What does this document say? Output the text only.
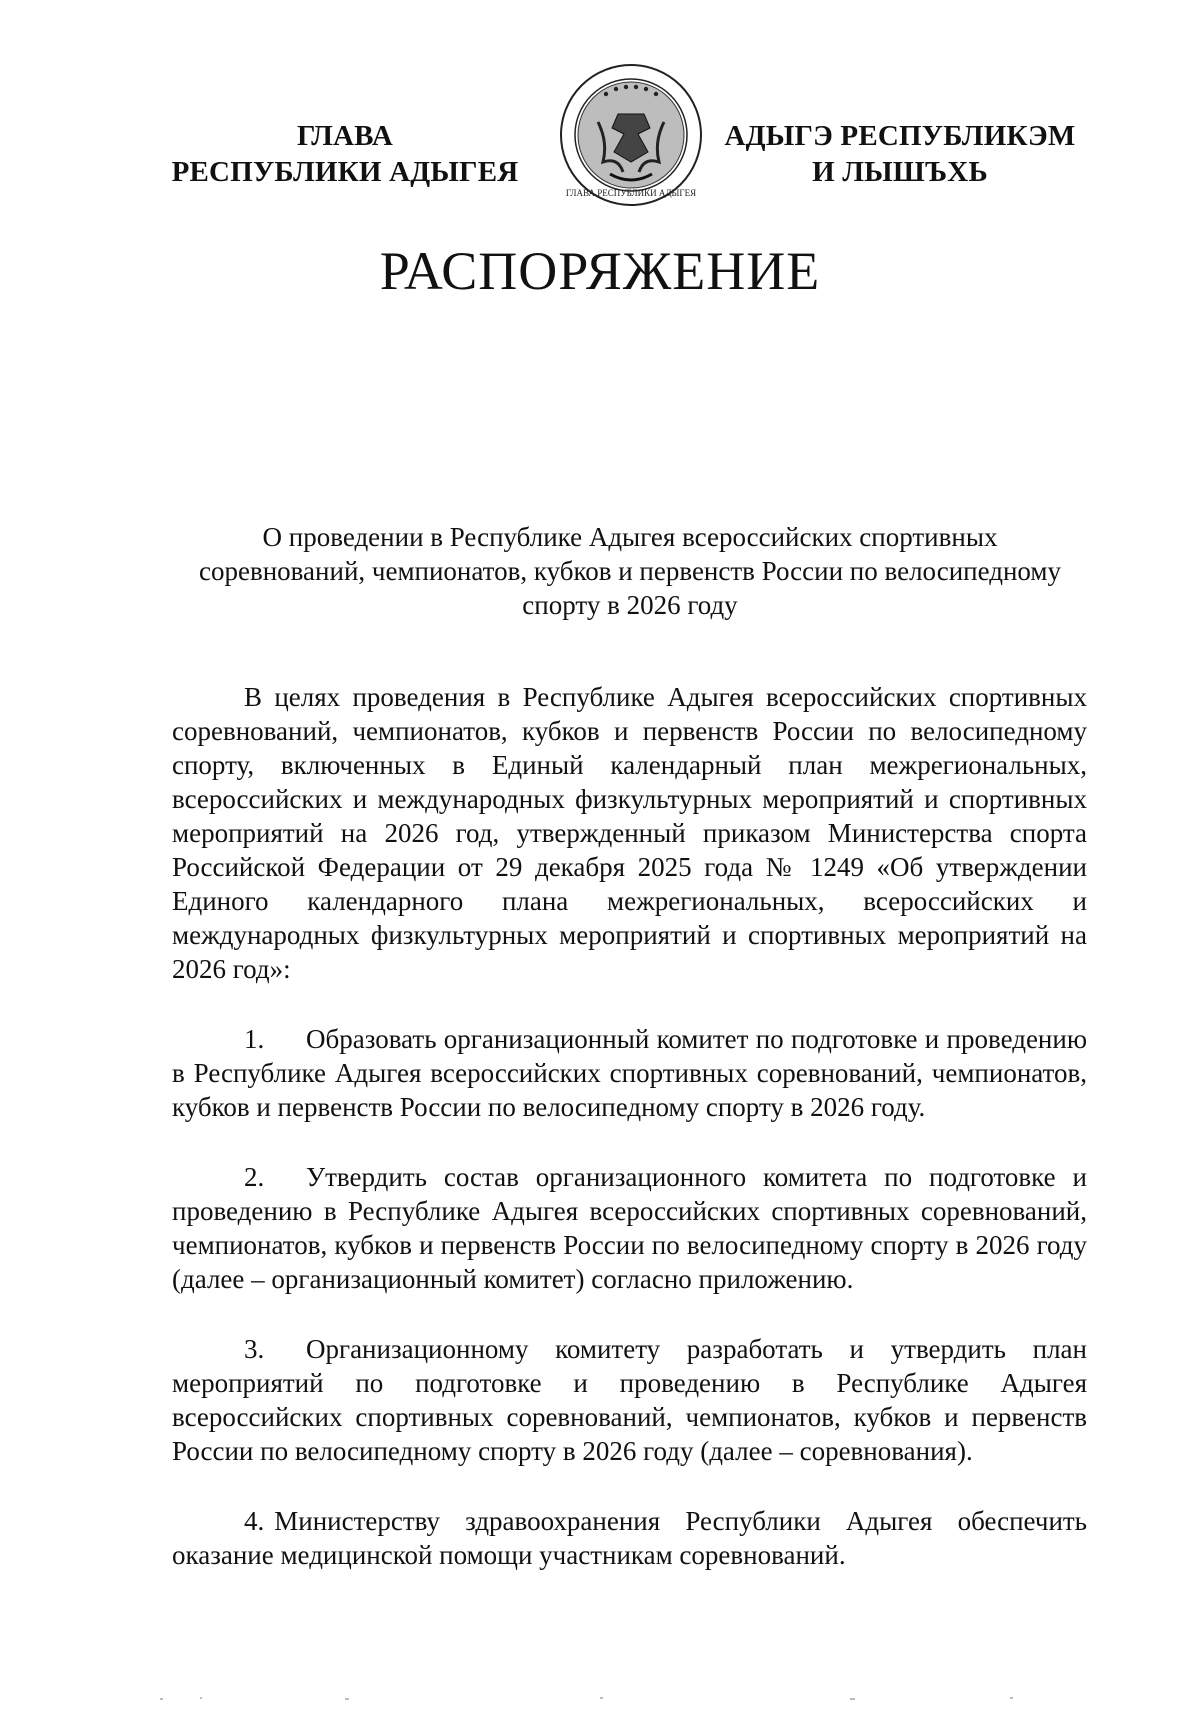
ГЛАВА
РЕСПУБЛИКИ АДЫГЕЯ
ГЛАВА РЕСПУБЛИКИ АДЫГЕЯ
АДЫГЭ РЕСПУБЛИКЭМ
И ЛЫШЪХЬ
РАСПОРЯЖЕНИЕ
О проведении в Республике Адыгея всероссийских спортивных
соревнований, чемпионатов, кубков и первенств России по велосипедному
спорту в 2026 году

В целях проведения в Республике Адыгея всероссийских спортивных соревнований, чемпионатов, кубков и первенств России по велосипедному спорту, включенных в Единый календарный план межрегиональных, всероссийских и международных физкультурных мероприятий и спортивных мероприятий на 2026 год, утвержденный приказом Министерства спорта Российской Федерации от 29 декабря 2025 года № 1249 «Об утверждении Единого календарного плана межрегиональных, всероссийских и международных физкультурных мероприятий и спортивных мероприятий на 2026 год»:

1. Образовать организационный комитет по подготовке и проведению в Республике Адыгея всероссийских спортивных соревнований, чемпионатов, кубков и первенств России по велосипедному спорту в 2026 году.

2. Утвердить состав организационного комитета по подготовке и проведению в Республике Адыгея всероссийских спортивных соревнований, чемпионатов, кубков и первенств России по велосипедному спорту в 2026 году (далее – организационный комитет) согласно приложению.

3. Организационному комитету разработать и утвердить план мероприятий по подготовке и проведению в Республике Адыгея всероссийских спортивных соревнований, чемпионатов, кубков и первенств России по велосипедному спорту в 2026 году (далее – соревнования).

4. Министерству здравоохранения Республики Адыгея обеспечить оказание медицинской помощи участникам соревнований.
